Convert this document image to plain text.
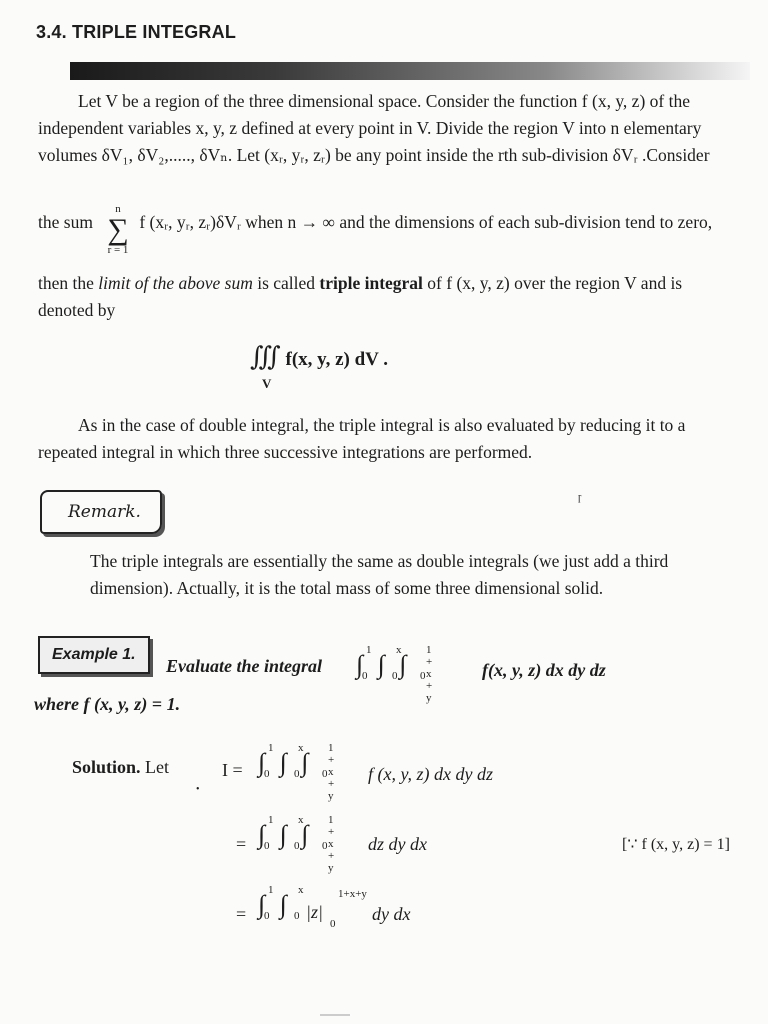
3.4. TRIPLE INTEGRAL
Let V be a region of the three dimensional space. Consider the function f (x, y, z) of the
independent variables x, y, z defined at every point in V. Divide the region V into n elementary
volumes δV₁, δV₂,....., δVₙ. Let (xᵣ, yᵣ, zᵣ) be any point inside the rth sub-division δVᵣ .Consider
the sum
n
∑
r = 1
f (xᵣ, yᵣ, zᵣ)δVᵣ when n → ∞ and the dimensions of each sub-division tend to zero,
then the limit of the above sum is called triple integral of f (x, y, z) over the region V and is
denoted by
∭ f(x, y, z) dV .
V
As in the case of double integral, the triple integral is also evaluated by reducing it to a
repeated integral in which three successive integrations are performed.
Remark.
ɼ
The triple integrals are essentially the same as double integrals (we just add a third
dimension). Actually, it is the total mass of some three dimensional solid.
Example 1.
Evaluate the integral ∫ 1
0 ∫ x
0 ∫ 1 + x + y
0	f(x, y, z) dx dy dz
where f (x, y, z) = 1.
Solution. Let
•
I = ∫ 1
0 ∫ x
0 ∫ 1 + x + y
0 f (x, y, z) dx dy dz
= ∫ 1
0 ∫ x
0 ∫ 1 + x + y
0 dz dy dx	[∵ f (x, y, z) = 1]
= ∫ 1
0 ∫ x
0 |z|
1+x+y
0 dy dx
